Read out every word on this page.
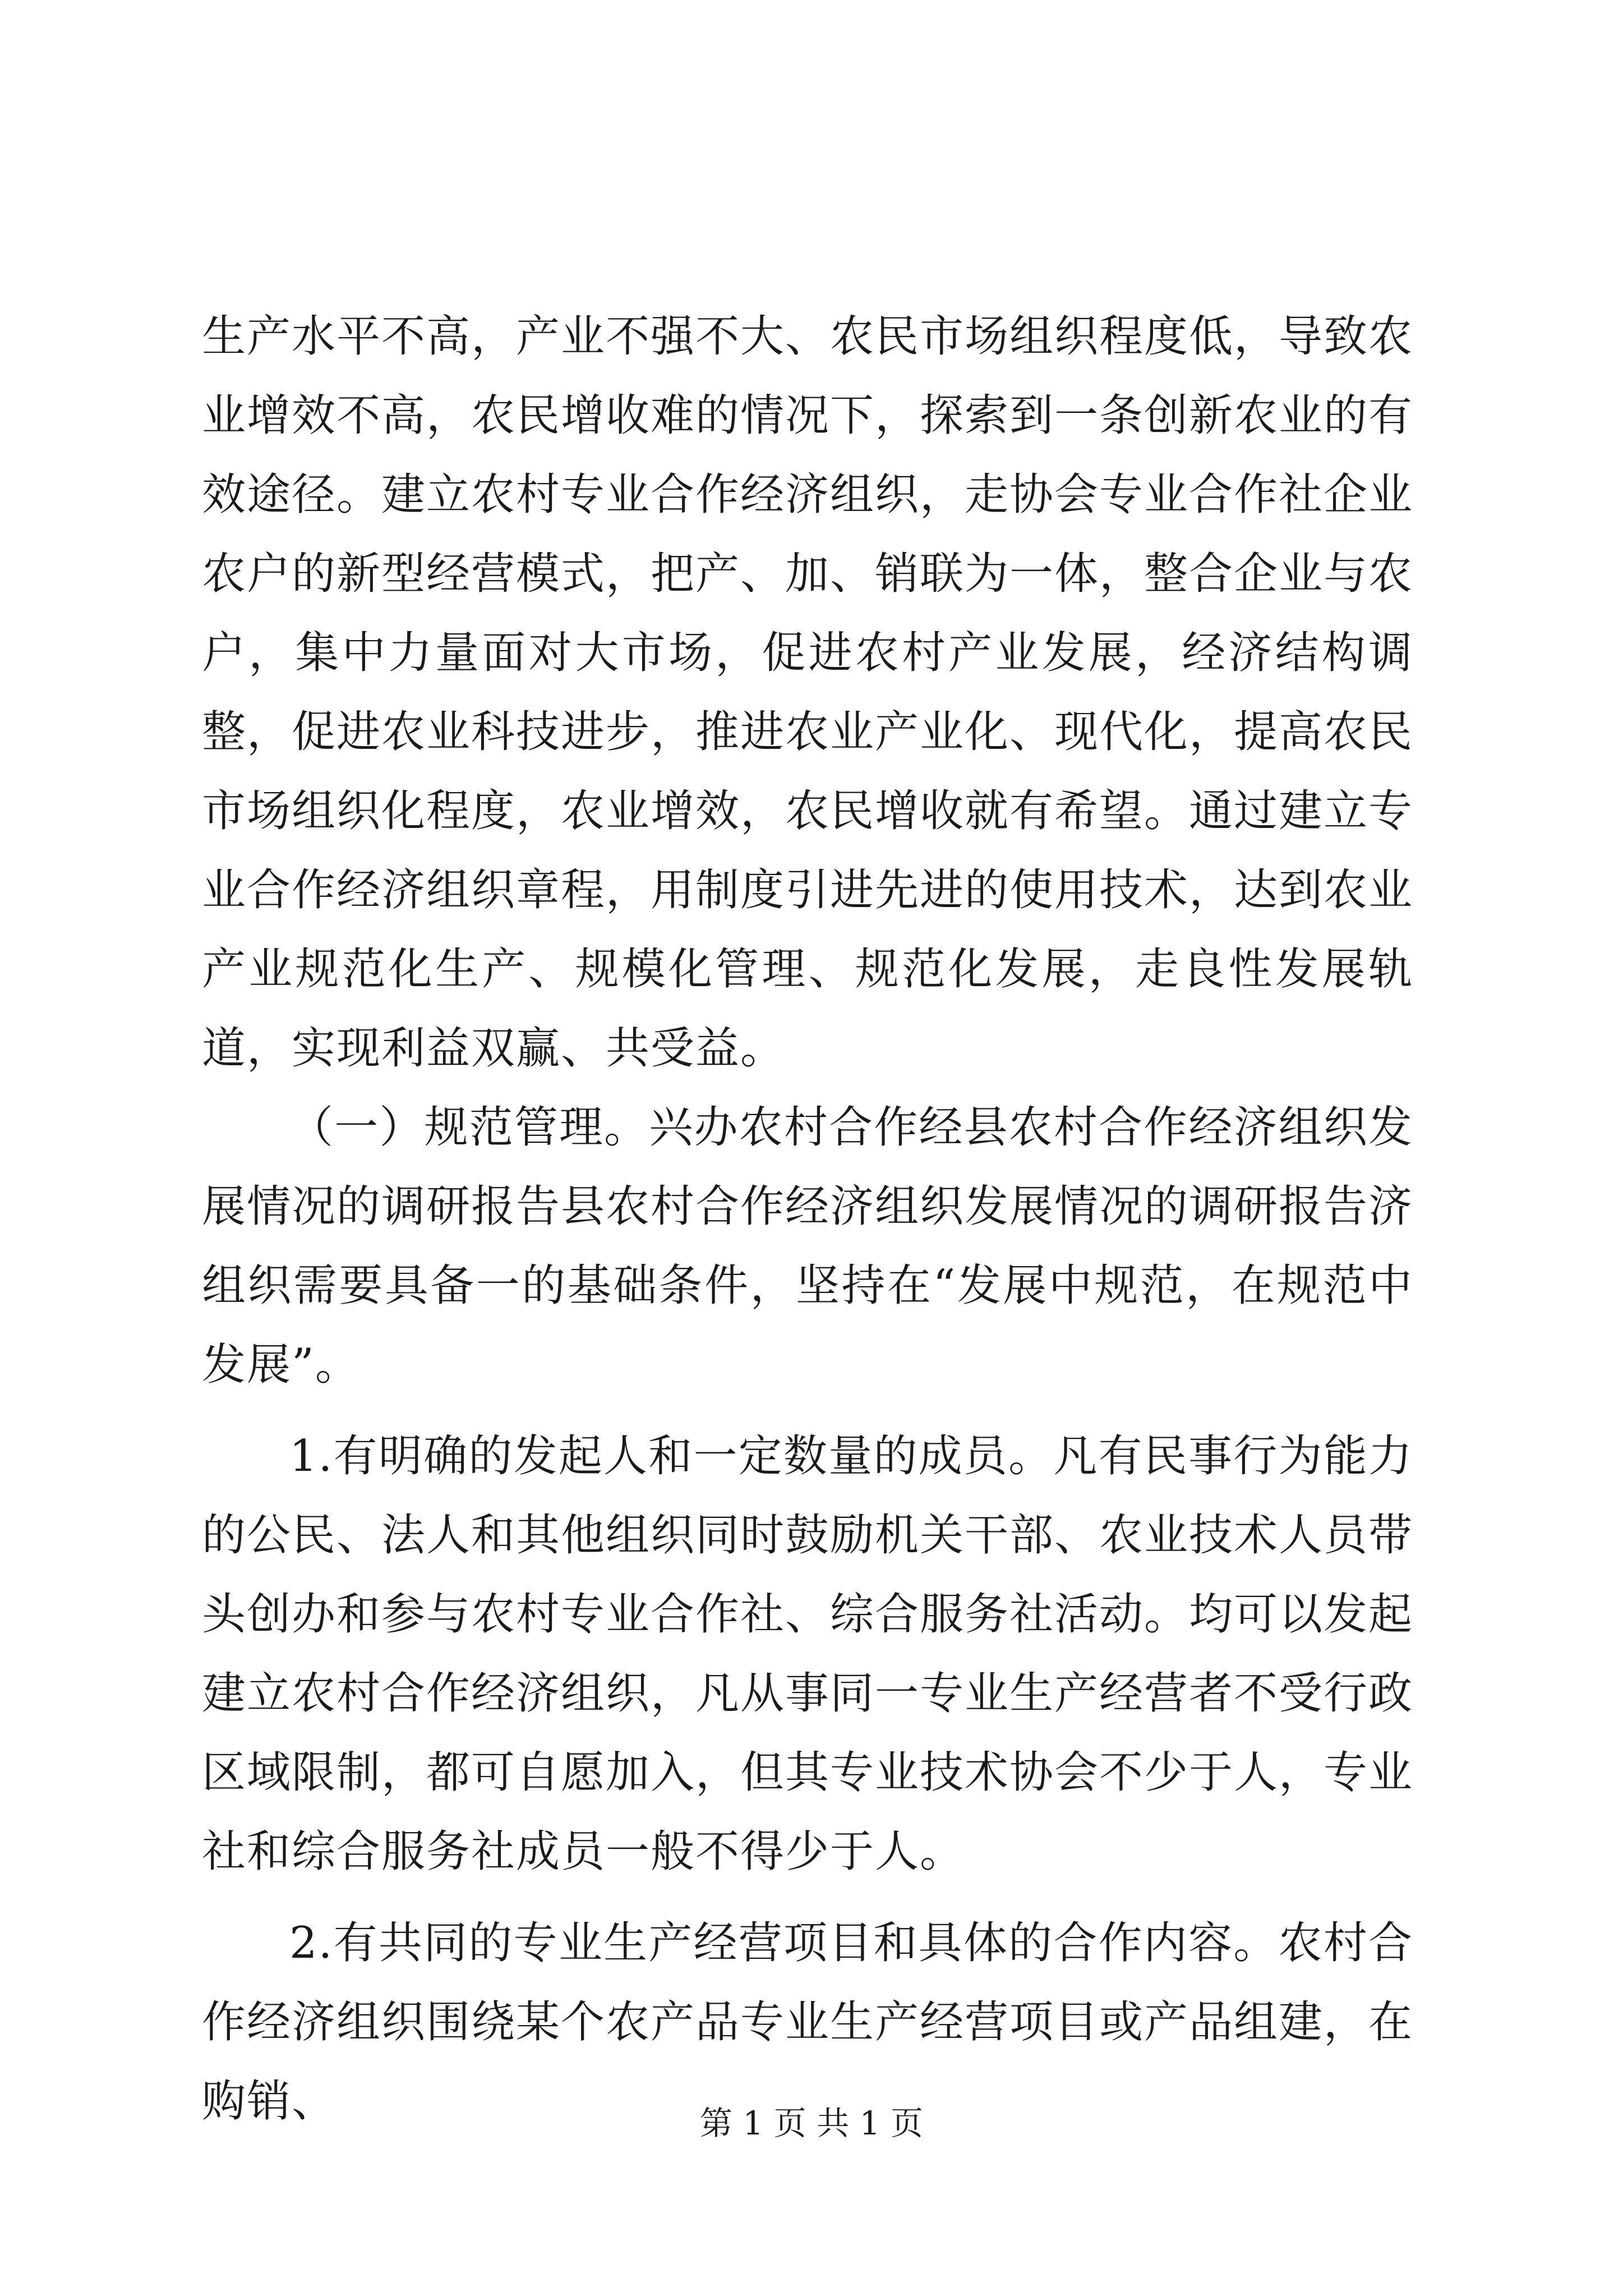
生产水平不高，产业不强不大、农民市场组织程度低，导致农业增效不高，农民增收难的情况下，探索到一条创新农业的有效途径。建立农村专业合作经济组织，走协会专业合作社企业农户的新型经营模式，把产、加、销联为一体，整合企业与农户，集中力量面对大市场，促进农村产业发展，经济结构调整，促进农业科技进步，推进农业产业化、现代化，提高农民市场组织化程度，农业增效，农民增收就有希望。通过建立专业合作经济组织章程，用制度引进先进的使用技术，达到农业产业规范化生产、规模化管理、规范化发展，走良性发展轨道，实现利益双赢、共受益。

（一）规范管理。兴办农村合作经县农村合作经济组织发展情况的调研报告县农村合作经济组织发展情况的调研报告济组织需要具备一的基础条件，坚持在“发展中规范，在规范中发展”。

1.有明确的发起人和一定数量的成员。凡有民事行为能力的公民、法人和其他组织同时鼓励机关干部、农业技术人员带头创办和参与农村专业合作社、综合服务社活动。均可以发起建立农村合作经济组织，凡从事同一专业生产经营者不受行政区域限制，都可自愿加入，但其专业技术协会不少于人，专业社和综合服务社成员一般不得少于人。

2.有共同的专业生产经营项目和具体的合作内容。农村合作经济组织围绕某个农产品专业生产经营项目或产品组建，在购销、	第 1 页 共 1 页
